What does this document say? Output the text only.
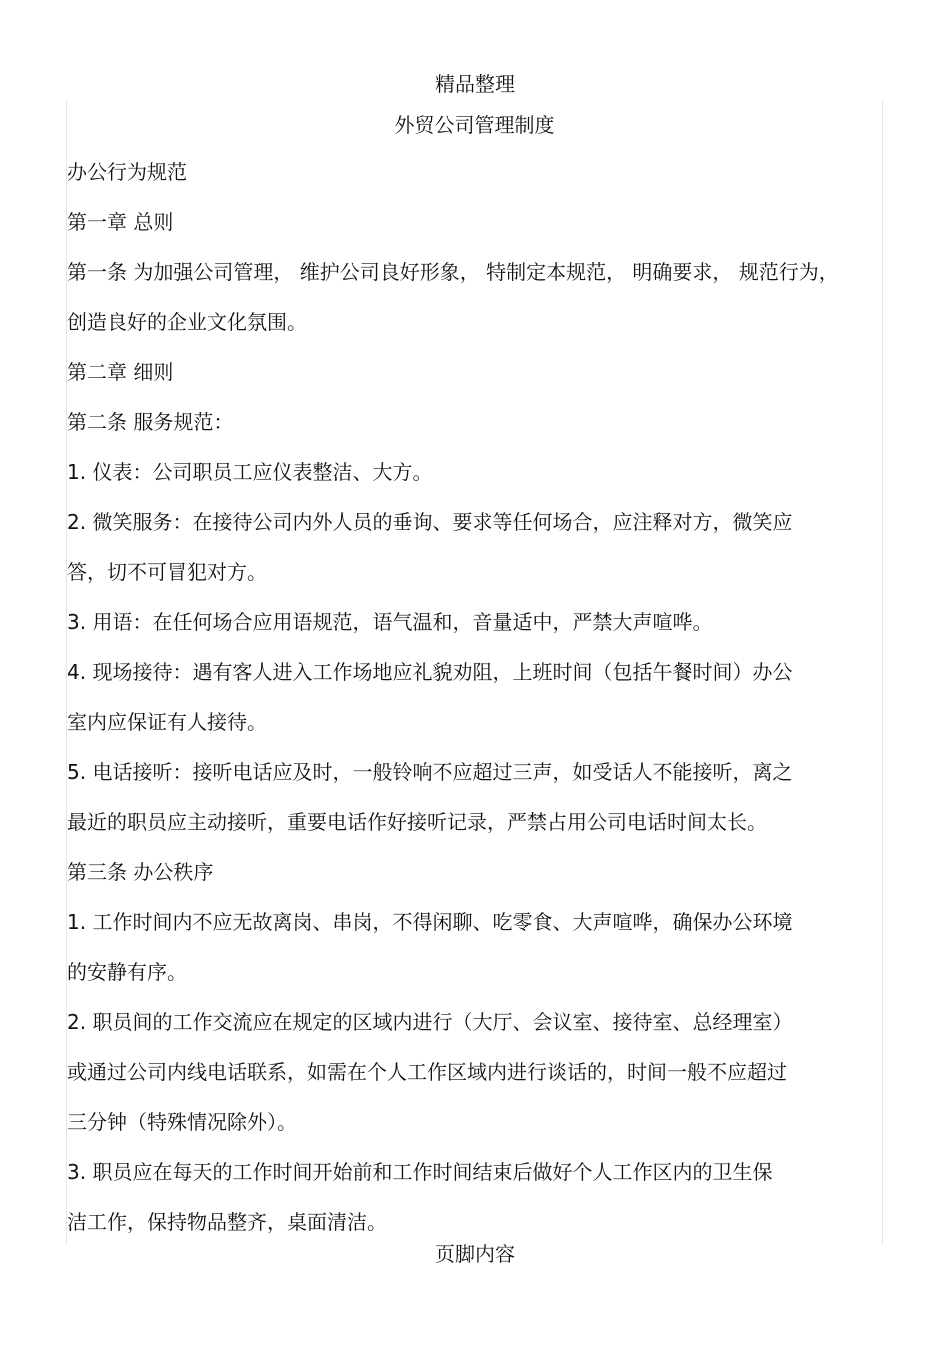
精品整理
外贸公司管理制度
办公行为规范
第一章 总则
第一条 为加强公司管理， 维护公司良好形象， 特制定本规范， 明确要求， 规范行为，
创造良好的企业文化氛围。
第二章 细则
第二条 服务规范：
1. 仪表：公司职员工应仪表整洁、大方。
2. 微笑服务：在接待公司内外人员的垂询、要求等任何场合，应注释对方，微笑应
答，切不可冒犯对方。
3. 用语：在任何场合应用语规范，语气温和，音量适中，严禁大声喧哗。
4. 现场接待：遇有客人进入工作场地应礼貌劝阻，上班时间（包括午餐时间）办公
室内应保证有人接待。
5. 电话接听：接听电话应及时，一般铃响不应超过三声，如受话人不能接听，离之
最近的职员应主动接听，重要电话作好接听记录，严禁占用公司电话时间太长。
第三条 办公秩序
1. 工作时间内不应无故离岗、串岗，不得闲聊、吃零食、大声喧哗，确保办公环境
的安静有序。
2. 职员间的工作交流应在规定的区域内进行（大厅、会议室、接待室、总经理室）
或通过公司内线电话联系，如需在个人工作区域内进行谈话的，时间一般不应超过
三分钟（特殊情况除外）。
3. 职员应在每天的工作时间开始前和工作时间结束后做好个人工作区内的卫生保
洁工作，保持物品整齐，桌面清洁。
页脚内容
